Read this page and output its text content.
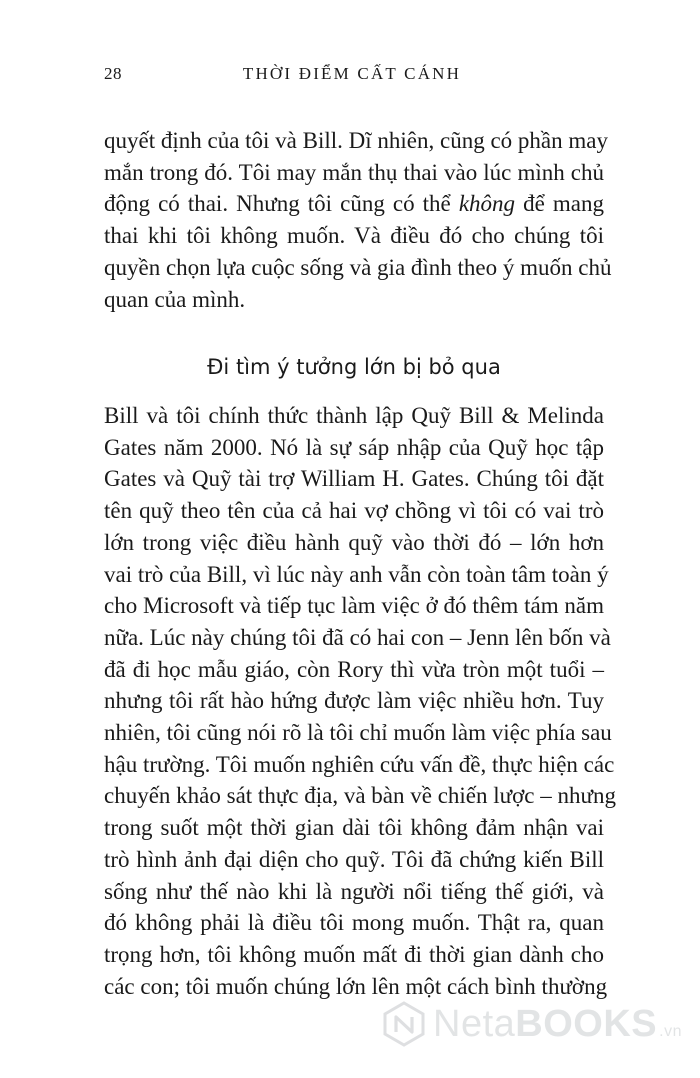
28	THỜI ĐIỂM CẤT CÁNH
quyết định của tôi và Bill. Dĩ nhiên, cũng có phần may
mắn trong đó. Tôi may mắn thụ thai vào lúc mình chủ
động có thai. Nhưng tôi cũng có thể không để mang
thai khi tôi không muốn. Và điều đó cho chúng tôi
quyền chọn lựa cuộc sống và gia đình theo ý muốn chủ
quan của mình.
Đi tìm ý tưởng lớn bị bỏ qua
Bill và tôi chính thức thành lập Quỹ Bill & Melinda
Gates năm 2000. Nó là sự sáp nhập của Quỹ học tập
Gates và Quỹ tài trợ William H. Gates. Chúng tôi đặt
tên quỹ theo tên của cả hai vợ chồng vì tôi có vai trò
lớn trong việc điều hành quỹ vào thời đó – lớn hơn
vai trò của Bill, vì lúc này anh vẫn còn toàn tâm toàn ý
cho Microsoft và tiếp tục làm việc ở đó thêm tám năm
nữa. Lúc này chúng tôi đã có hai con – Jenn lên bốn và
đã đi học mẫu giáo, còn Rory thì vừa tròn một tuổi –
nhưng tôi rất hào hứng được làm việc nhiều hơn. Tuy
nhiên, tôi cũng nói rõ là tôi chỉ muốn làm việc phía sau
hậu trường. Tôi muốn nghiên cứu vấn đề, thực hiện các
chuyến khảo sát thực địa, và bàn về chiến lược – nhưng
trong suốt một thời gian dài tôi không đảm nhận vai
trò hình ảnh đại diện cho quỹ. Tôi đã chứng kiến Bill
sống như thế nào khi là người nổi tiếng thế giới, và
đó không phải là điều tôi mong muốn. Thật ra, quan
trọng hơn, tôi không muốn mất đi thời gian dành cho
các con; tôi muốn chúng lớn lên một cách bình thường
NetaBOOKS .vn
